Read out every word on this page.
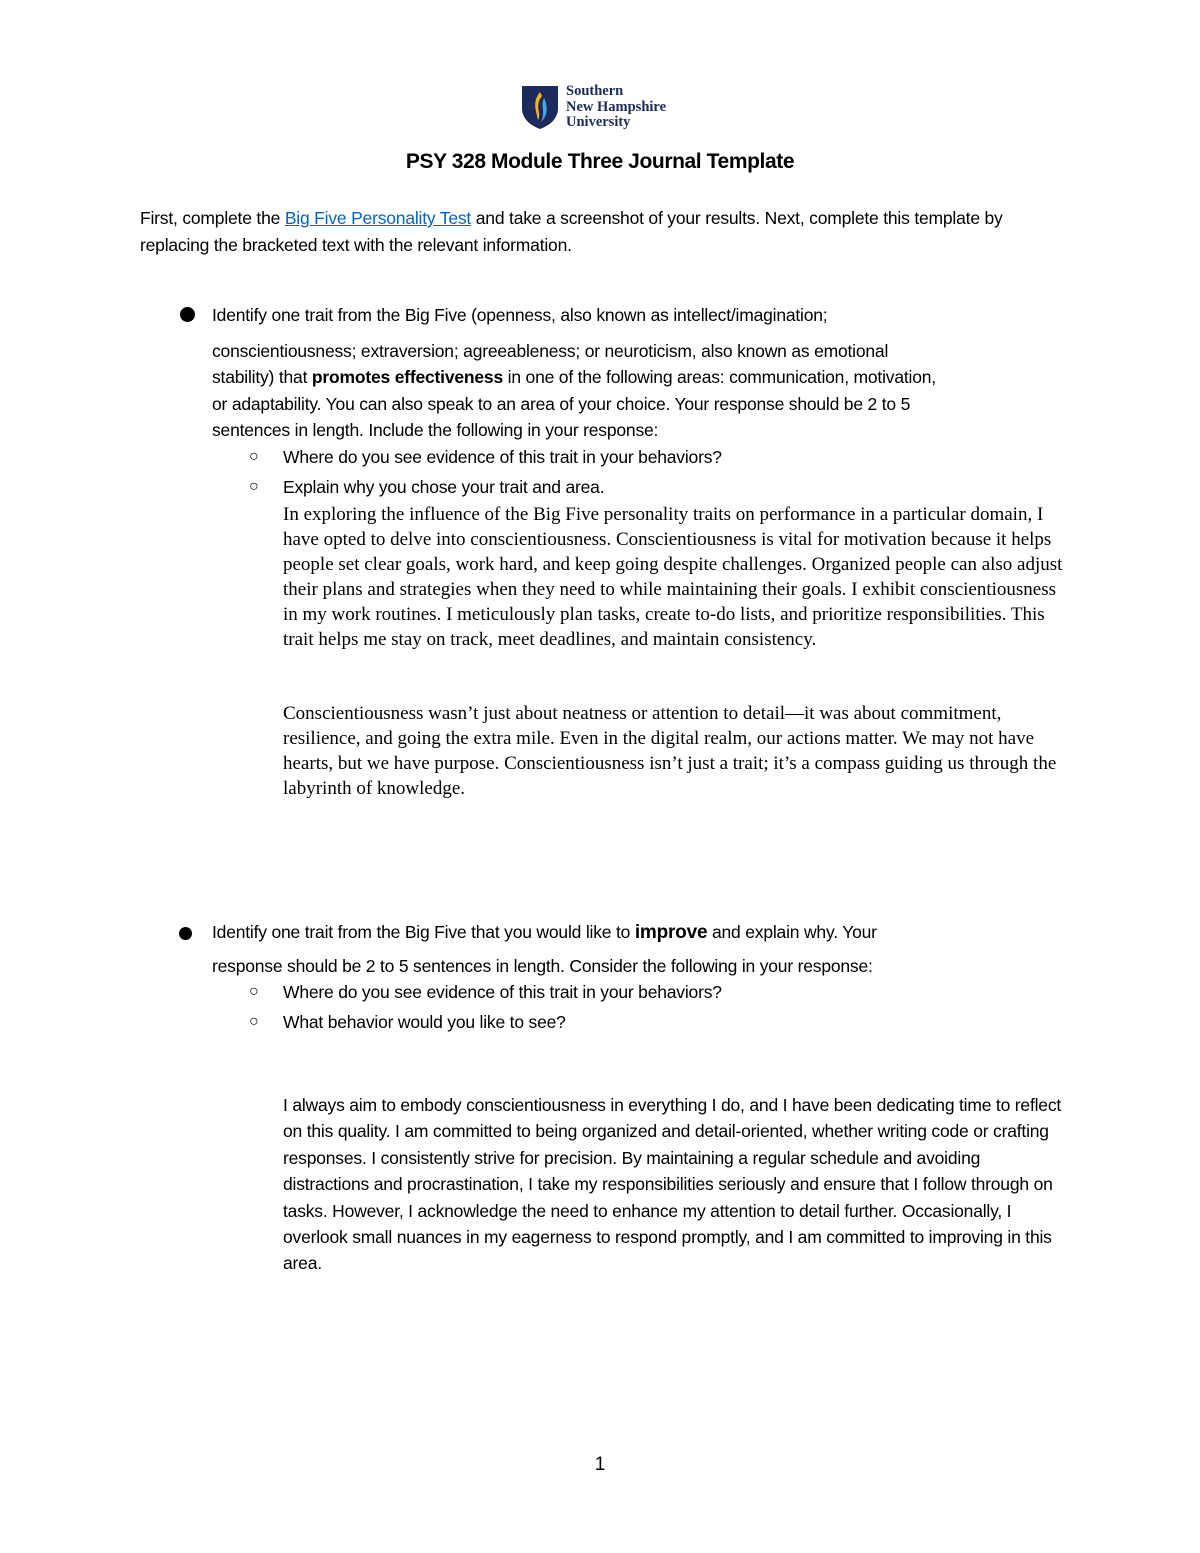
Southern
New Hampshire
University
PSY 328 Module Three Journal Template
First, complete the Big Five Personality Test and take a screenshot of your results. Next, complete this template by replacing the bracketed text with the relevant information.
Identify one trait from the Big Five (openness, also known as intellect/imagination;
conscientiousness; extraversion; agreeableness; or neuroticism, also known as emotional
stability) that promotes effectiveness in one of the following areas: communication, motivation,
or adaptability. You can also speak to an area of your choice. Your response should be 2 to 5
sentences in length. Include the following in your response:
○ Where do you see evidence of this trait in your behaviors?
○ Explain why you chose your trait and area.
In exploring the influence of the Big Five personality traits on performance in a particular domain, I have opted to delve into conscientiousness. Conscientiousness is vital for motivation because it helps people set clear goals, work hard, and keep going despite challenges. Organized people can also adjust their plans and strategies when they need to while maintaining their goals. I exhibit conscientiousness in my work routines. I meticulously plan tasks, create to-do lists, and prioritize responsibilities. This trait helps me stay on track, meet deadlines, and maintain consistency.
Conscientiousness wasn’t just about neatness or attention to detail—it was about commitment, resilience, and going the extra mile. Even in the digital realm, our actions matter. We may not have hearts, but we have purpose. Conscientiousness isn’t just a trait; it’s a compass guiding us through the labyrinth of knowledge.
Identify one trait from the Big Five that you would like to improve and explain why. Your
response should be 2 to 5 sentences in length. Consider the following in your response:
○ Where do you see evidence of this trait in your behaviors?
○ What behavior would you like to see?
I always aim to embody conscientiousness in everything I do, and I have been dedicating time to reflect on this quality. I am committed to being organized and detail-oriented, whether writing code or crafting responses. I consistently strive for precision. By maintaining a regular schedule and avoiding distractions and procrastination, I take my responsibilities seriously and ensure that I follow through on tasks. However, I acknowledge the need to enhance my attention to detail further. Occasionally, I overlook small nuances in my eagerness to respond promptly, and I am committed to improving in this area.
1
